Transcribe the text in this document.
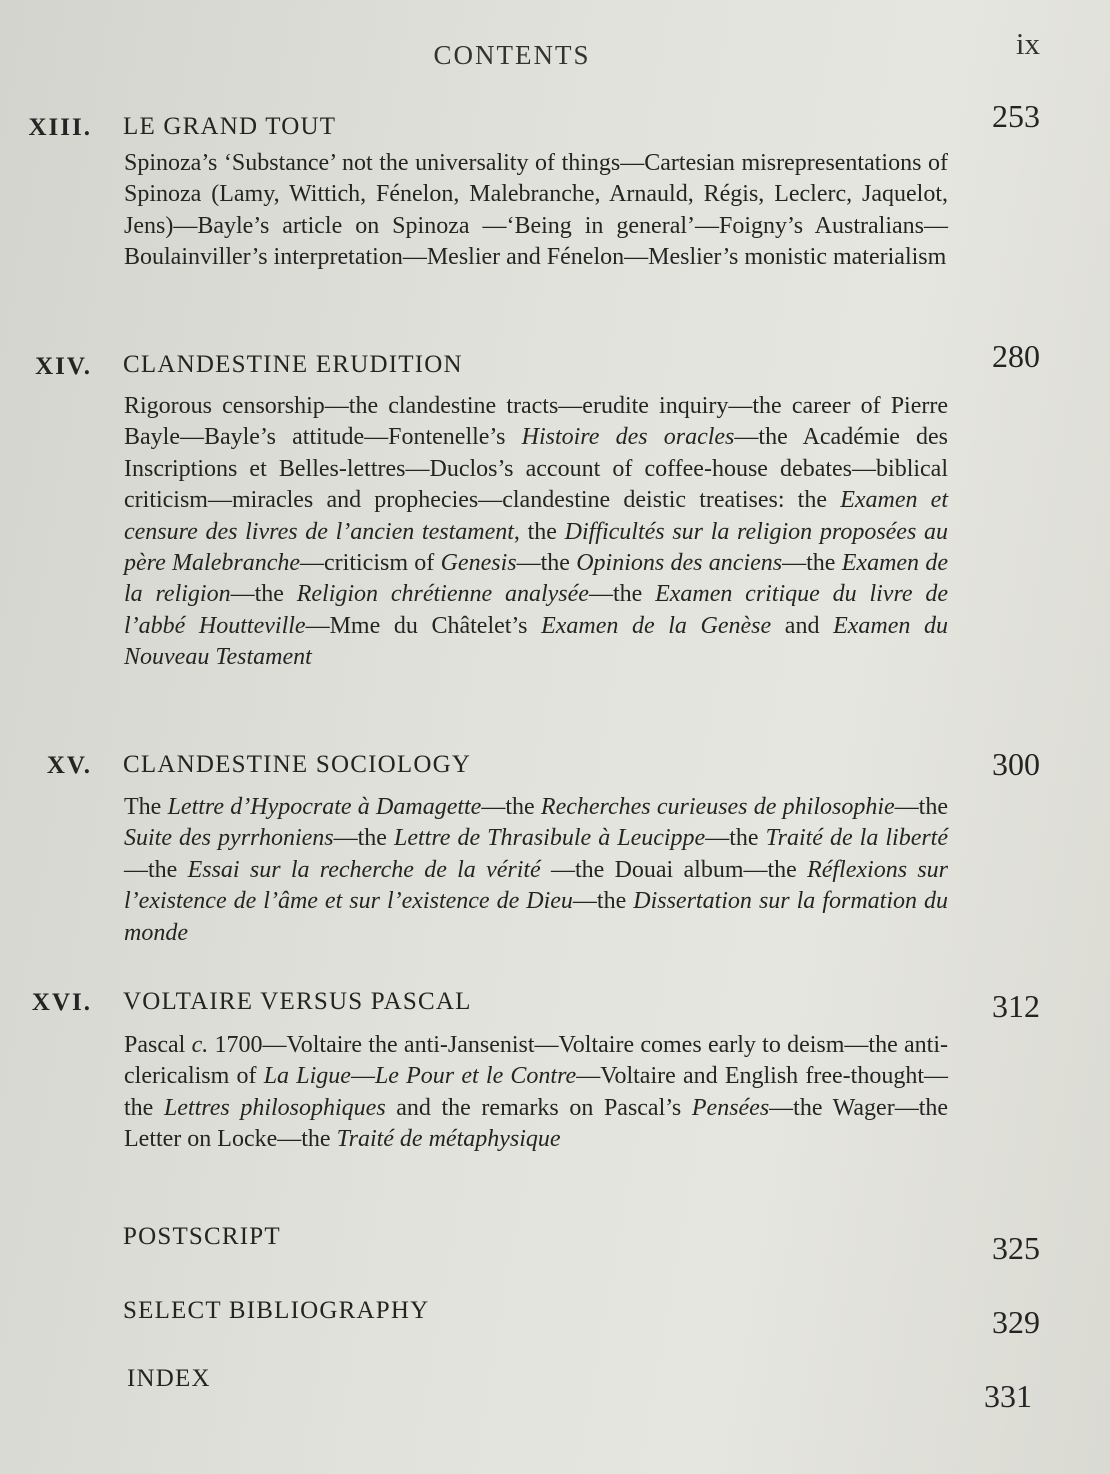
CONTENTS	ix
XIII. LE GRAND TOUT	253
Spinoza’s ‘Substance’ not the universality of things—Cartesian misrepresentations of Spinoza (Lamy, Wittich, Fénelon, Malebranche, Arnauld, Régis, Leclerc, Jaquelot, Jens)—Bayle’s article on Spinoza —‘Being in general’—Foigny’s Australians—Boulainviller’s interpretation—Meslier and Fénelon—Meslier’s monistic materialism
XIV. CLANDESTINE ERUDITION	280
Rigorous censorship—the clandestine tracts—erudite inquiry—the career of Pierre Bayle—Bayle’s attitude—Fontenelle’s Histoire des oracles—the Académie des Inscriptions et Belles-lettres—Duclos’s account of coffee-house debates—biblical criticism—miracles and prophecies—clandestine deistic treatises: the Examen et censure des livres de l’ancien testament, the Difficultés sur la religion proposées au père Malebranche—criticism of Genesis—the Opinions des anciens—the Examen de la religion—the Religion chrétienne analysée—the Examen critique du livre de l’abbé Houtteville—Mme du Châtelet’s Examen de la Genèse and Examen du Nouveau Testament
XV. CLANDESTINE SOCIOLOGY	300
The Lettre d’Hypocrate à Damagette—the Recherches curieuses de philosophie—the Suite des pyrrhoniens—the Lettre de Thrasibule à Leucippe—the Traité de la liberté—the Essai sur la recherche de la vérité —the Douai album—the Réflexions sur l’existence de l’âme et sur l’existence de Dieu—the Dissertation sur la formation du monde
XVI. VOLTAIRE VERSUS PASCAL	312
Pascal c. 1700—Voltaire the anti-Jansenist—Voltaire comes early to deism—the anti-clericalism of La Ligue—Le Pour et le Contre—Voltaire and English free-thought—the Lettres philosophiques and the remarks on Pascal’s Pensées—the Wager—the Letter on Locke—the Traité de métaphysique
POSTSCRIPT	325
SELECT BIBLIOGRAPHY	329
INDEX	331
